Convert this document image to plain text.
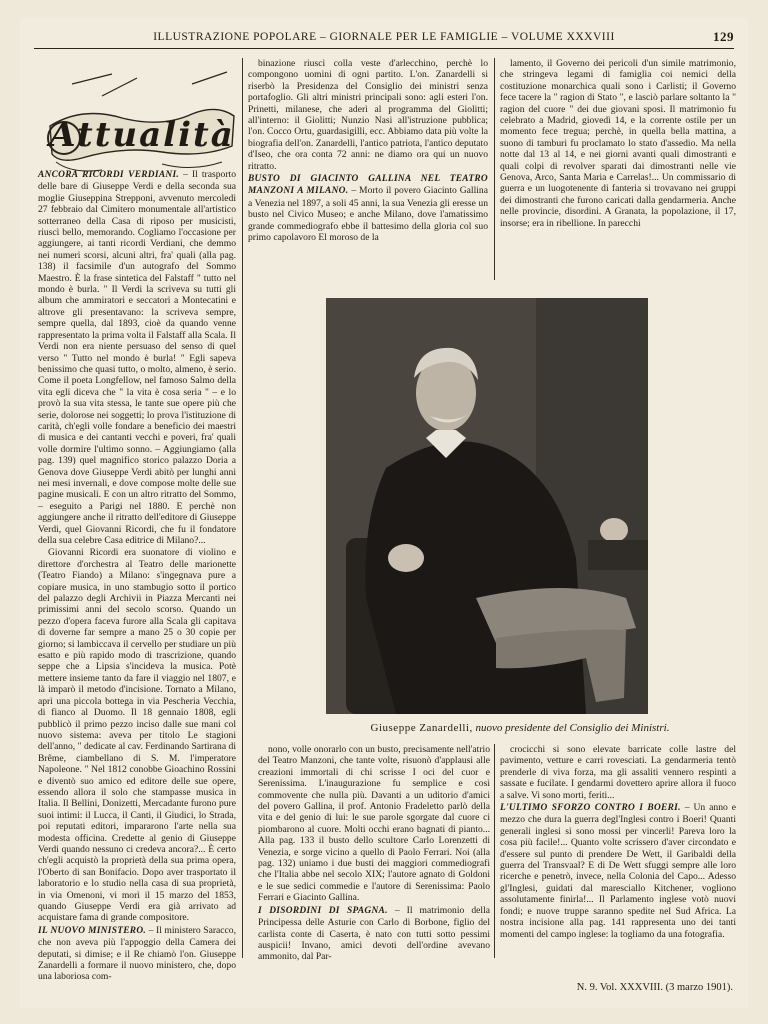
ILLUSTRAZIONE POPOLARE – GIORNALE PER LE FAMIGLIE – VOLUME XXXVIII	129
Attualità

ANCORA RICORDI VERDIANI. – Il trasporto delle bare di Giuseppe Verdi e della seconda sua moglie Giuseppina Strepponi, avvenuto mercoledì 27 febbraio dal Cimitero monumentale all'artistico sotterraneo della Casa di riposo per musicisti, riuscì bello, memorando. Cogliamo l'occasione per aggiungere, ai tanti ricordi Verdiani, che demmo nei numeri scorsi, alcuni altri, fra' quali (alla pag. 138) il facsimile d'un autografo del Sommo Maestro. È la frase sintetica del Falstaff " tutto nel mondo è burla. " Il Verdi la scriveva su tutti gli album che ammiratori e seccatori a Montecatini e altrove gli presentavano: la scriveva sempre, sempre quella, dal 1893, cioè da quando venne rappresentato la prima volta il Falstaff alla Scala. Il Verdi non era niente persuaso del senso di quel verso " Tutto nel mondo è burla! " Egli sapeva benissimo che quasi tutto, o molto, almeno, è serio. Come il poeta Longfellow, nel famoso Salmo della vita egli diceva che " la vita è cosa seria " – e lo provò la sua vita stessa, le tante sue opere più che serie, dolorose nei soggetti; lo prova l'istituzione di carità, ch'egli volle fondare a beneficio dei maestri di musica e dei cantanti vecchi e poveri, fra' quali volle dormire l'ultimo sonno. – Aggiungiamo (alla pag. 139) quel magnifico storico palazzo Doria a Genova dove Giuseppe Verdi abitò per lunghi anni nei mesi invernali, e dove compose molte delle sue pagine musicali. E con un altro ritratto del Sommo, – eseguito a Parigi nel 1880. E perchè non aggiungere anche il ritratto dell'editore di Giuseppe Verdi, quel Giovanni Ricordi, che fu il fondatore della sua celebre Casa editrice di Milano?...

Giovanni Ricordi era suonatore di violino e direttore d'orchestra al Teatro delle marionette (Teatro Fiando) a Milano: s'ingegnava pure a copiare musica, in uno stambugio sotto il portico del palazzo degli Archivii in Piazza Mercanti nei primissimi anni del secolo scorso. Quando un pezzo d'opera faceva furore alla Scala gli capitava di doverne far sempre a mano 25 o 30 copie per giorno; si lambiccava il cervello per studiare un più esatto e più rapido modo di trascrizione, quando seppe che a Lipsia s'incideva la musica. Potè mettere insieme tanto da fare il viaggio nel 1807, e là imparò il metodo d'incisione. Tornato a Milano, aprì una piccola bottega in via Pescheria Vecchia, di fianco al Duomo. Il 18 gennaio 1808, egli pubblicò il primo pezzo inciso dalle sue mani col nuovo sistema: aveva per titolo Le stagioni dell'anno, " dedicate al cav. Ferdinando Sartirana di Brême, ciambellano di S. M. l'imperatore Napoleone. " Nel 1812 conobbe Gioachino Rossini e diventò suo amico ed editore delle sue opere, essendo allora il solo che stampasse musica in Italia. Il Bellini, Donizetti, Mercadante furono pure suoi intimi: il Lucca, il Canti, il Giudici, lo Strada, poi reputati editori, impararono l'arte nella sua modesta officina. Credette al genio di Giuseppe Verdi quando nessuno ci credeva ancora?... È certo ch'egli acquistò la proprietà della sua prima opera, l'Oberto di san Bonifacio. Dopo aver trasportato il laboratorio e lo studio nella casa di sua proprietà, in via Omenoni, vi morì il 15 marzo del 1853, quando Giuseppe Verdi era già arrivato ad acquistare fama di grande compositore.

IL NUOVO MINISTERO. – Il ministero Saracco, che non aveva più l'appoggio della Camera dei deputati, si dimise; e il Re chiamò l'on. Giuseppe Zanardelli a formare il nuovo ministero, che, dopo una laboriosa com-

binazione riuscì colla veste d'arlecchino, perchè lo compongono uomini di ogni partito. L'on. Zanardelli si riserbò la Presidenza del Consiglio dei ministri senza portafoglio. Gli altri ministri principali sono: agli esteri l'on. Prinetti, milanese, che aderì al programma del Giolitti; all'interno: il Giolitti; Nunzio Nasi all'istruzione pubblica; l'on. Cocco Ortu, guardasigilli, ecc. Abbiamo data più volte la biografia dell'on. Zanardelli, l'antico patriota, l'antico deputato d'Iseo, che ora conta 72 anni: ne diamo ora qui un nuovo ritratto.

BUSTO DI GIACINTO GALLINA NEL TEATRO MANZONI A MILANO. – Morto il povero Giacinto Gallina a Venezia nel 1897, a soli 45 anni, la sua Venezia gli eresse un busto nel Civico Museo; e anche Milano, dove l'amatissimo grande commediografo ebbe il battesimo della gloria col suo primo capolavoro El moroso de la

lamento, il Governo dei pericoli d'un simile matrimonio, che stringeva legami di famiglia coi nemici della costituzione monarchica quali sono i Carlisti; il Governo fece tacere la " ragion di Stato ", e lasciò parlare soltanto la " ragion del cuore " dei due giovani sposi. Il matrimonio fu celebrato a Madrid, giovedì 14, e la corrente ostile per un momento fece tregua; perchè, in quella bella mattina, a suono di tamburi fu proclamato lo stato d'assedio. Ma nella notte dal 13 al 14, e nei giorni avanti quali dimostranti e quali colpi di revolver sparati dai dimostranti nelle vie Genova, Arco, Santa Maria e Carrelas!... Un commissario di guerra e un luogotenente di fanteria si trovavano nei gruppi dei dimostranti che furono caricati dalla gendarmeria. Anche nelle provincie, disordini. A Granata, la popolazione, il 17, insorse; era in ribellione. In parecchi

Giuseppe Zanardelli, nuovo presidente del Consiglio dei Ministri.

nono, volle onorarlo con un busto, precisamente nell'atrio del Teatro Manzoni, che tante volte, risuonò d'applausi alle creazioni immortali di chi scrisse I oci del cuor e Serenissima. L'inaugurazione fu semplice e così commovente che nulla più. Davanti a un uditorio d'amici del povero Gallina, il prof. Antonio Fradeletto parlò della vita e del genio di lui: le sue parole sgorgate dal cuore ci piombarono al cuore. Molti occhi erano bagnati di pianto... Alla pag. 133 il busto dello scultore Carlo Lorenzetti di Venezia, e sorge vicino a quello di Paolo Ferrari. Noi (alla pag. 132) uniamo i due busti dei maggiori commediografi che l'Italia abbe nel secolo XIX; l'autore agnato di Goldoni e le sue sedici commedie e l'autore di Serenissima: Paolo Ferrari e Giacinto Gallina.

I DISORDINI DI SPAGNA. – Il matrimonio della Principessa delle Asturie con Carlo di Borbone, figlio del carlista conte di Caserta, è nato con tutti sotto pessimi auspicii! Invano, amici devoti dell'ordine avevano ammonito, dal Par-

crocicchi si sono elevate barricate colle lastre del pavimento, vetture e carri rovesciati. La gendarmeria tentò prenderle di viva forza, ma gli assaliti vennero respinti a sassate e fucilate. I gendarmi dovettero aprire allora il fuoco a salve. Vi sono morti, feriti...

L'ULTIMO SFORZO CONTRO I BOERI. – Un anno e mezzo che dura la guerra degl'Inglesi contro i Boeri! Quanti generali inglesi si sono mossi per vincerli! Pareva loro la cosa più facile!... Quanto volte scrissero d'aver circondato e d'essere sul punto di prendere De Wett, il Garibaldi della guerra del Transvaal? E di De Wett sfuggi sempre alle loro ricerche e penetrò, invece, nella Colonia del Capo... Adesso gl'Inglesi, guidati dal maresciallo Kitchener, vogliono assolutamente finirla!... Il Parlamento inglese votò nuovi fondi; e nuove truppe saranno spedite nel Sud Africa. La nostra incisione alla pag. 141 rappresenta uno dei tanti momenti del campo inglese: la togliamo da una fotografia.

N. 9. Vol. XXXVIII. (3 marzo 1901).
